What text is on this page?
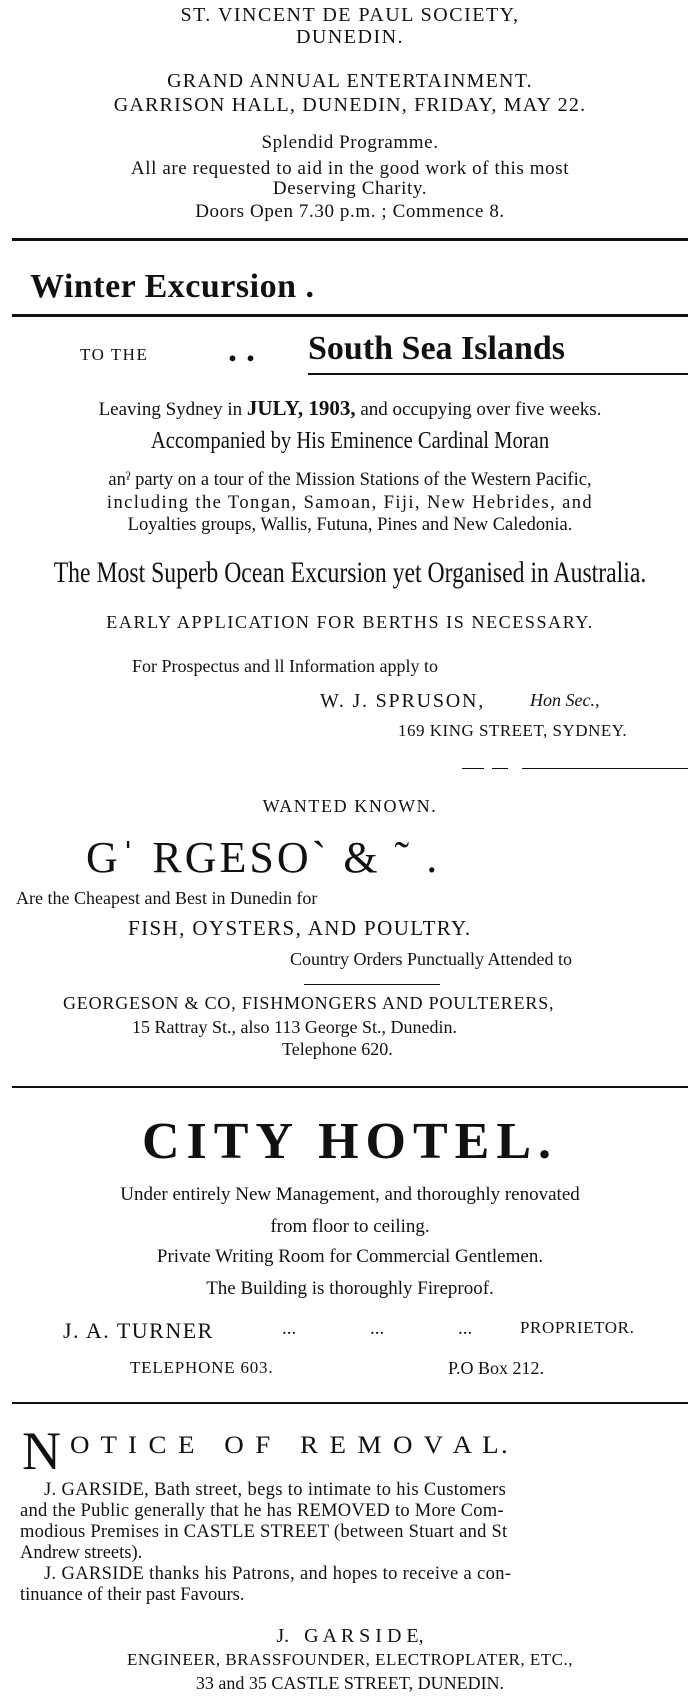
ST. VINCENT DE PAUL SOCIETY,
DUNEDIN.
GRAND ANNUAL ENTERTAINMENT.
GARRISON HALL, DUNEDIN, FRIDAY, MAY 22.
Splendid Programme.
All are requested to aid in the good work of this most
Deserving Charity.
Doors Open 7.30 p.m. ; Commence 8.
Winter Excursion .
TO THE . . South Sea Islands
Leaving Sydney in JULY, 1903, and occupying over five weeks.
Accompanied by His Eminence Cardinal Moran
anˀ party on a tour of the Mission Stations of the Western Pacific,
including the Tongan, Samoan, Fiji, New Hebrides, and
Loyalties groups, Wallis, Futuna, Pines and New Caledonia.
The Most Superb Ocean Excursion yet Organised in Australia.
EARLY APPLICATION FOR BERTHS IS NECESSARY.
For Prospectus and ll Information apply to
W. J. SPRUSON, Hon Sec.,
169 KING STREET, SYDNEY.
WANTED KNOWN.
Gˈ RGESOˋ & ˜ .
Are the Cheapest and Best in Dunedin for
FISH, OYSTERS, AND POULTRY.
Country Orders Punctually Attended to
GEORGESON & CO, FISHMONGERS AND POULTERERS,
15 Rattray St., also 113 George St., Dunedin.
Telephone 620.
CITY HOTEL.
Under entirely New Management, and thoroughly renovated
from floor to ceiling.
Private Writing Room for Commercial Gentlemen.
The Building is thoroughly Fireproof.
J. A. TURNER	...	...	...	PROPRIETOR.
TELEPHONE 603.	P.O Box 212.
N O T I C E   O F   R E M O V A L.
J. GARSIDE, Bath street, begs to intimate to his Customers
and the Public generally that he has REMOVED to More Com-
modious Premises in CASTLE STREET (between Stuart and St
Andrew streets).
J. GARSIDE thanks his Patrons, and hopes to receive a con-
tinuance of their past Favours.
J.   G A R S I D E,
ENGINEER, BRASSFOUNDER, ELECTROPLATER, ETC.,
33 and 35 CASTLE STREET, DUNEDIN.
